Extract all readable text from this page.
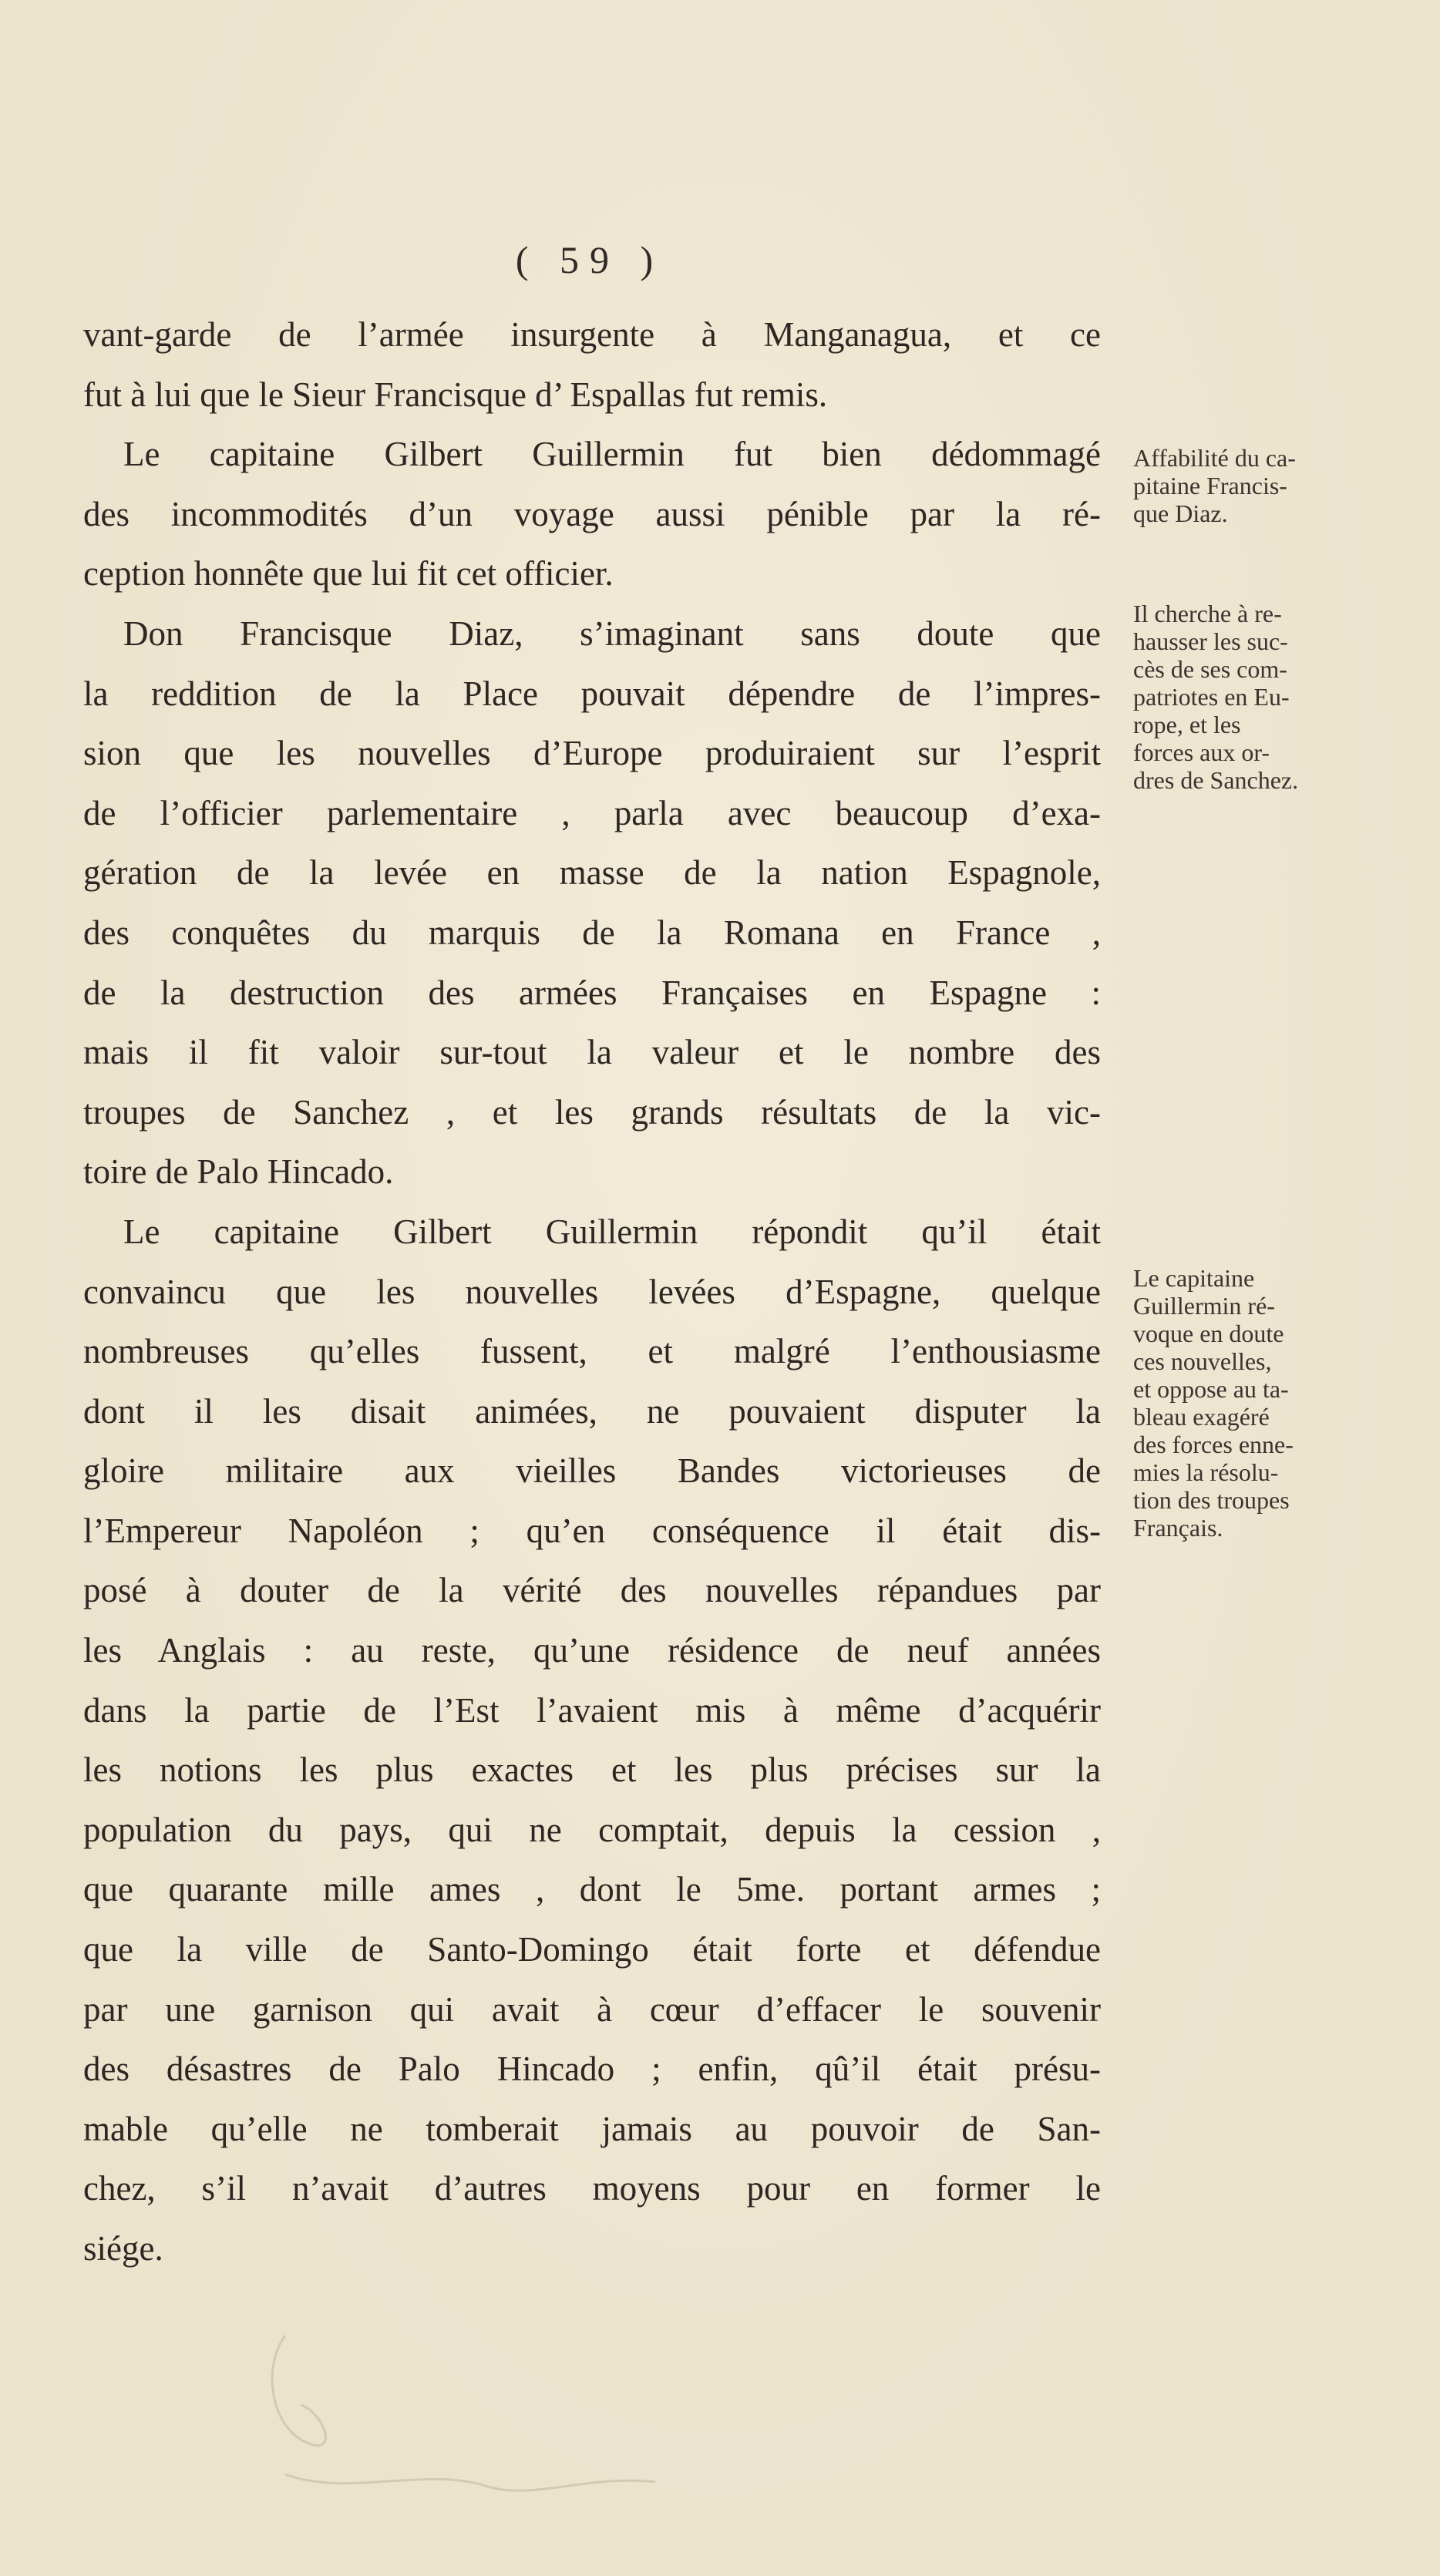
( 59 )
vant-garde de l’armée insurgente à Manganagua, et ce
fut à lui que le Sieur Francisque d’ Espallas fut remis.
Le capitaine Gilbert Guillermin fut bien dédommagé
des incommodités d’un voyage aussi pénible par la ré-
ception honnête que lui fit cet officier.
Don Francisque Diaz, s’imaginant sans doute que
la reddition de la Place pouvait dépendre de l’impres-
sion que les nouvelles d’Europe produiraient sur l’esprit
de l’officier parlementaire , parla avec beaucoup d’exa-
gération de la levée en masse de la nation Espagnole,
des conquêtes du marquis de la Romana en France ,
de la destruction des armées Françaises en Espagne :
mais il fit valoir sur-tout la valeur et le nombre des
troupes de Sanchez , et les grands résultats de la vic-
toire de Palo Hincado.
Le capitaine Gilbert Guillermin répondit qu’il était
convaincu que les nouvelles levées d’Espagne, quelque
nombreuses qu’elles fussent, et malgré l’enthousiasme
dont il les disait animées, ne pouvaient disputer la
gloire militaire aux vieilles Bandes victorieuses de
l’Empereur Napoléon ; qu’en conséquence il était dis-
posé à douter de la vérité des nouvelles répandues par
les Anglais : au reste, qu’une résidence de neuf années
dans la partie de l’Est l’avaient mis à même d’acquérir
les notions les plus exactes et les plus précises sur la
population du pays, qui ne comptait, depuis la cession ,
que quarante mille ames , dont le 5me. portant armes ;
que la ville de Santo-Domingo était forte et défendue
par une garnison qui avait à cœur d’effacer le souvenir
des désastres de Palo Hincado ; enfin, qû’il était présu-
mable qu’elle ne tomberait jamais au pouvoir de San-
chez, s’il n’avait d’autres moyens pour en former le
siége.
Affabilité du ca-
pitaine Francis-
que Diaz.
Il cherche à re-
hausser les suc-
cès de ses com-
patriotes en Eu-
rope, et les
forces aux or-
dres de Sanchez.
Le capitaine
Guillermin ré-
voque en doute
ces nouvelles,
et oppose au ta-
bleau exagéré
des forces enne-
mies la résolu-
tion des troupes
Français.
